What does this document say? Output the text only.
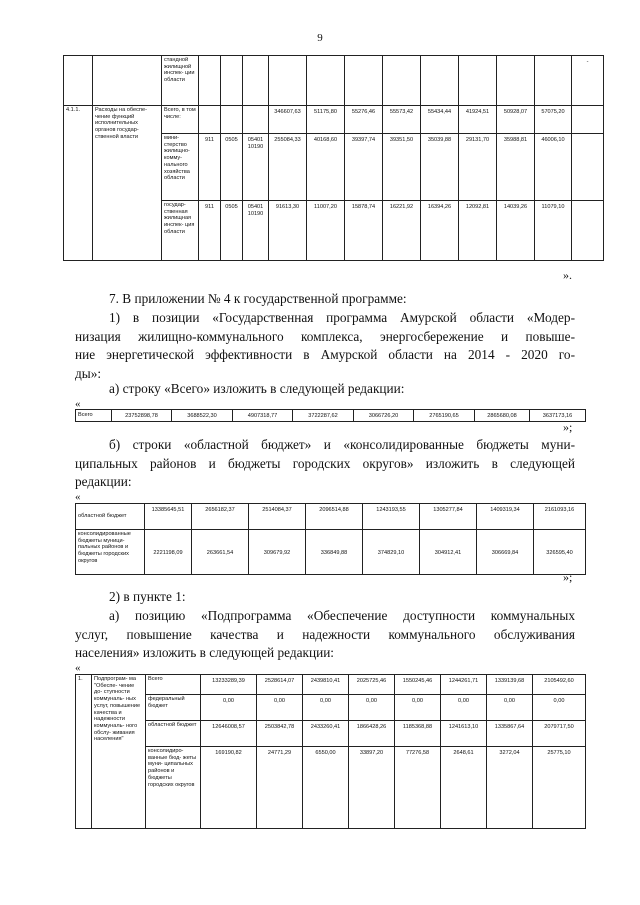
9
		стандной жилищной инспек- ции области												-
4.1.1.	Расходы на обеспе- чение функций исполнительных органов государ- ственной власти	Всего, в том числе:				346607,63	51175,80	55276,46	55573,42	55434,44	41924,51	50928,07	57075,20	
		мини- стерство жилищно- комму- нального хозяйства области	911	0505	05401 10190	255084,33	40168,60	39397,74	39351,50	35039,88	29131,70	35988,81	46006,10	
		государ- ственная жилищная инспек- ция области	911	0505	05401 10190	91613,30	11007,20	15878,74	16221,92	16394,26	12092,81	14039,26	11079,10	
».
7. В приложении № 4 к государственной программе:
1) в позиции «Государственная программа Амурской области «Модер-
низация жилищно-коммунального комплекса, энергосбережение и повыше-
ние энергетической эффективности в Амурской области на 2014 - 2020 го-
ды»:
а) строку «Всего» изложить в следующей редакции:
«
Всего	23752898,78	3688522,30	4907318,77	3722287,62	3066726,20	2765190,65	2865680,08	3637173,16
»;
б) строки «областной бюджет» и «консолидированные бюджеты муни-
ципальных районов и бюджеты городских округов» изложить в следующей
редакции:
«
областной бюджет	13385645,51	2656182,37	2514084,37	2096514,88	1243193,55	1305277,84	1409319,34	2161093,16
консолидированные бюджеты муници- пальных районов и бюджеты городских округов	2221198,09	263661,54	309679,92	336849,88	374829,10	304912,41	306669,84	326595,40
»;
2) в пункте 1:
а) позицию «Подпрограмма «Обеспечение доступности коммунальных
услуг, повышение качества и надежности коммунального обслуживания
населения» изложить в следующей редакции:
«
1.	Подпрограм- ма "Обеспе- чение до- ступности коммуналь- ных услуг, повышение качества и надежности коммуналь- ного обслу- живания населения"	Всего	13233289,39	2528614,07	2439810,41	2025725,46	1550245,46	1244261,71	1339139,68	2105492,60
		федеральный бюджет	0,00	0,00	0,00	0,00	0,00	0,00	0,00	0,00
		областной бюджет	12646008,57	2503842,78	2433260,41	1866428,26	1185368,88	1241613,10	1335867,64	2079717,50
		консолидиро- ванные бюд- жеты муни- ципальных районов и бюджеты городских округов	169190,82	24771,29	6550,00	33897,20	77276,58	2648,61	3272,04	25775,10
